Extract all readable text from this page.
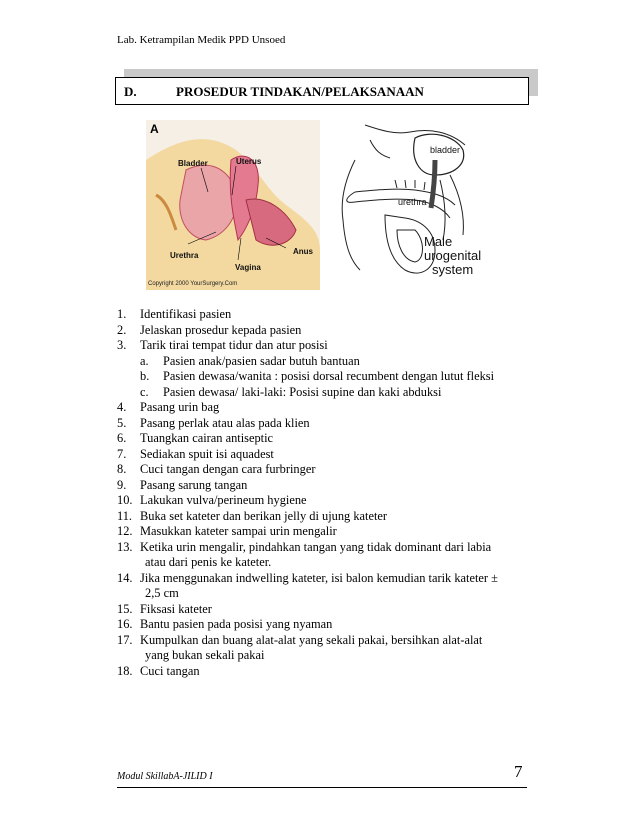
Lab. Ketrampilan Medik PPD Unsoed
D.	PROSEDUR TINDAKAN/PELAKSANAAN
A
Bladder	Uterus
Urethra	Anus
Vagina
Copyright 2000 YourSurgery.Com
bladder
urethra
Male
urogenital
system
1.	Identifikasi pasien
2.	Jelaskan prosedur kepada pasien
3.	Tarik tirai tempat tidur dan atur posisi
a.	Pasien anak/pasien sadar butuh bantuan
b.	Pasien dewasa/wanita : posisi dorsal recumbent dengan lutut fleksi
c.	Pasien dewasa/ laki-laki: Posisi supine dan kaki abduksi
4.	Pasang urin bag
5.	Pasang perlak atau alas pada klien
6.	Tuangkan cairan antiseptic
7.	Sediakan spuit isi aquadest
8.	Cuci tangan dengan cara furbringer
9.	Pasang sarung tangan
10. Lakukan vulva/perineum hygiene
11. Buka set kateter dan berikan jelly di ujung kateter
12. Masukkan kateter sampai urin mengalir
13. Ketika urin mengalir, pindahkan tangan yang tidak dominant dari labia
atau dari penis ke kateter.
14. Jika menggunakan indwelling kateter, isi balon kemudian tarik kateter ±
2,5 cm
15. Fiksasi kateter
16. Bantu pasien pada posisi yang nyaman
17. Kumpulkan dan buang alat-alat yang sekali pakai, bersihkan alat-alat
yang bukan sekali pakai
18. Cuci tangan
Modul SkillabA-JILID I	7
